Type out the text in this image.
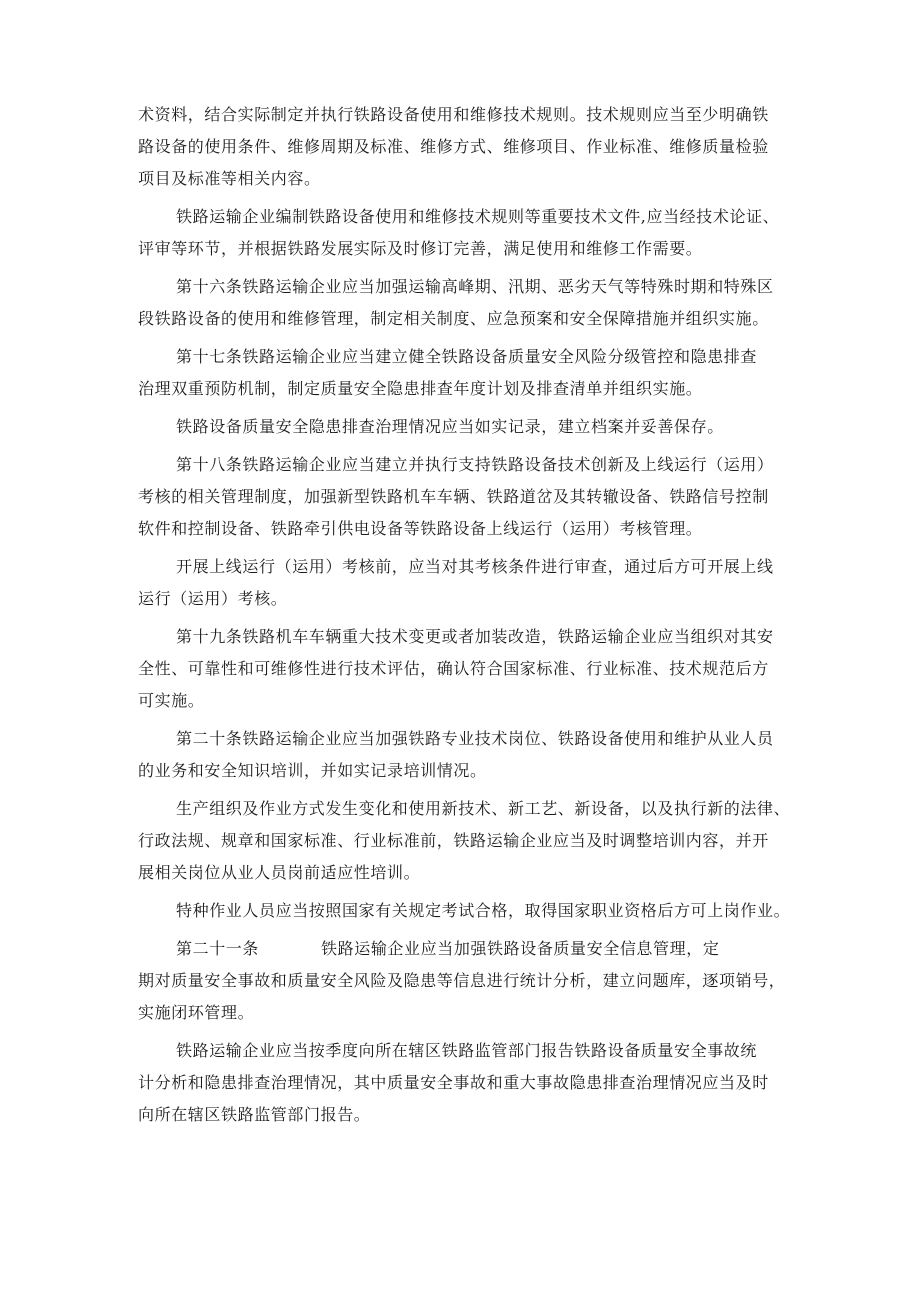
术资料，结合实际制定并执行铁路设备使用和维修技术规则。技术规则应当至少明确铁
路设备的使用条件、维修周期及标准、维修方式、维修项目、作业标准、维修质量检验
项目及标准等相关内容。

铁路运输企业编制铁路设备使用和维修技术规则等重要技术文件,应当经技术论证、
评审等环节，并根据铁路发展实际及时修订完善，满足使用和维修工作需要。

第十六条铁路运输企业应当加强运输高峰期、汛期、恶劣天气等特殊时期和特殊区
段铁路设备的使用和维修管理，制定相关制度、应急预案和安全保障措施并组织实施。

第十七条铁路运输企业应当建立健全铁路设备质量安全风险分级管控和隐患排查
治理双重预防机制，制定质量安全隐患排查年度计划及排查清单并组织实施。

铁路设备质量安全隐患排查治理情况应当如实记录，建立档案并妥善保存。

第十八条铁路运输企业应当建立并执行支持铁路设备技术创新及上线运行（运用）
考核的相关管理制度，加强新型铁路机车车辆、铁路道岔及其转辙设备、铁路信号控制
软件和控制设备、铁路牵引供电设备等铁路设备上线运行（运用）考核管理。

开展上线运行（运用）考核前，应当对其考核条件进行审查，通过后方可开展上线
运行（运用）考核。

第十九条铁路机车车辆重大技术变更或者加装改造，铁路运输企业应当组织对其安
全性、可靠性和可维修性进行技术评估，确认符合国家标准、行业标准、技术规范后方
可实施。

第二十条铁路运输企业应当加强铁路专业技术岗位、铁路设备使用和维护从业人员
的业务和安全知识培训，并如实记录培训情况。

生产组织及作业方式发生变化和使用新技术、新工艺、新设备，以及执行新的法律、
行政法规、规章和国家标准、行业标准前，铁路运输企业应当及时调整培训内容，并开
展相关岗位从业人员岗前适应性培训。

特种作业人员应当按照国家有关规定考试合格，取得国家职业资格后方可上岗作业。

第二十一条	铁路运输企业应当加强铁路设备质量安全信息管理，定
期对质量安全事故和质量安全风险及隐患等信息进行统计分析，建立问题库，逐项销号，
实施闭环管理。

铁路运输企业应当按季度向所在辖区铁路监管部门报告铁路设备质量安全事故统
计分析和隐患排查治理情况，其中质量安全事故和重大事故隐患排查治理情况应当及时
向所在辖区铁路监管部门报告。
